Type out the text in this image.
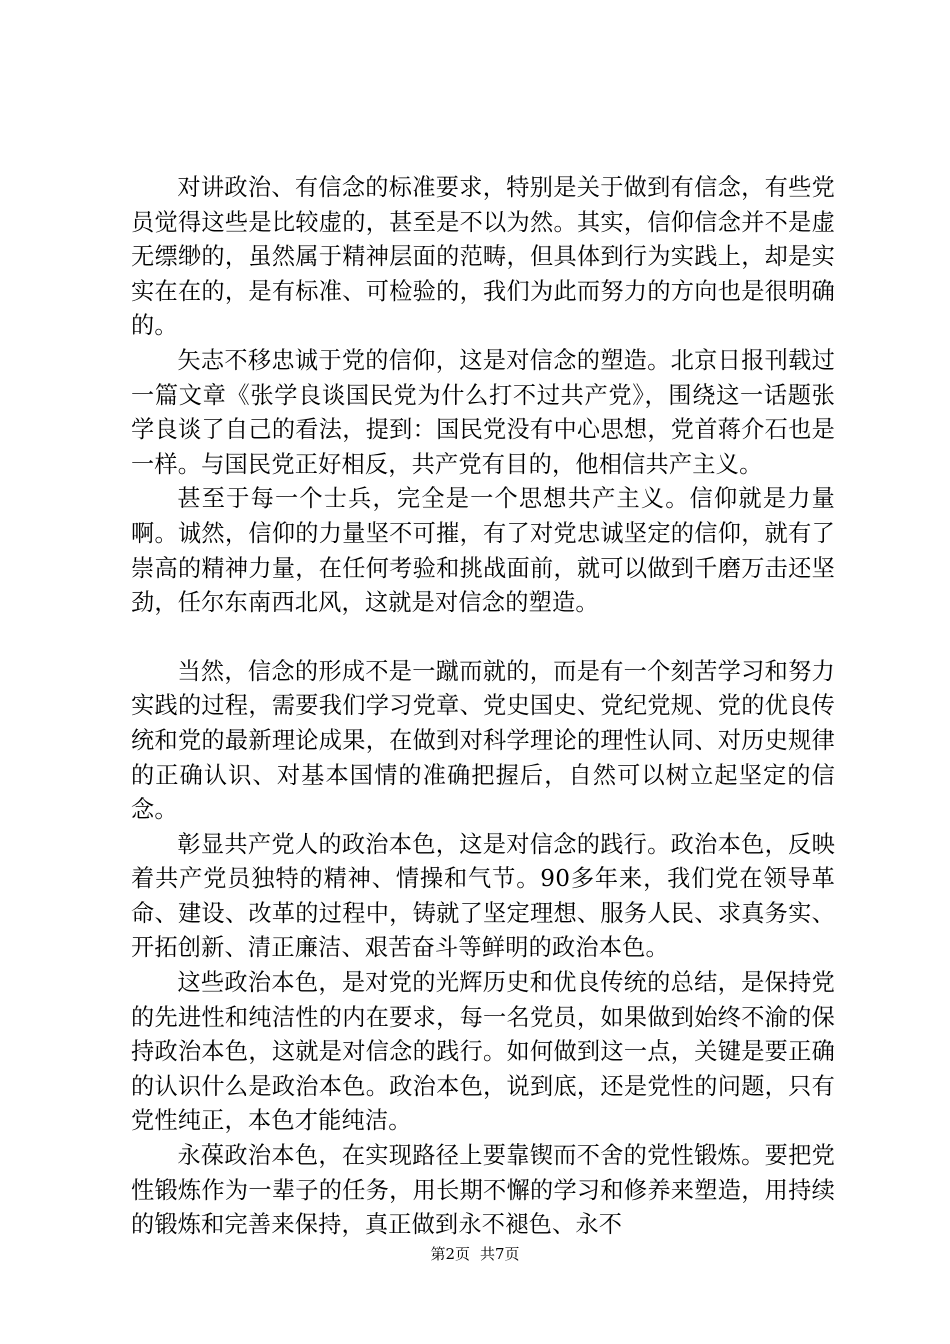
对讲政治、有信念的标准要求，特别是关于做到有信念，有些党员觉得这些是比较虚的，甚至是不以为然。其实，信仰信念并不是虚无缥缈的，虽然属于精神层面的范畴，但具体到行为实践上，却是实实在在的，是有标准、可检验的，我们为此而努力的方向也是很明确的。

矢志不移忠诚于党的信仰，这是对信念的塑造。北京日报刊载过一篇文章《张学良谈国民党为什么打不过共产党》，围绕这一话题张学良谈了自己的看法，提到：国民党没有中心思想，党首蒋介石也是一样。与国民党正好相反，共产党有目的，他相信共产主义。

甚至于每一个士兵，完全是一个思想共产主义。信仰就是力量啊。诚然，信仰的力量坚不可摧，有了对党忠诚坚定的信仰，就有了崇高的精神力量，在任何考验和挑战面前，就可以做到千磨万击还坚劲，任尔东南西北风，这就是对信念的塑造。

当然，信念的形成不是一蹴而就的，而是有一个刻苦学习和努力实践的过程，需要我们学习党章、党史国史、党纪党规、党的优良传统和党的最新理论成果，在做到对科学理论的理性认同、对历史规律的正确认识、对基本国情的准确把握后，自然可以树立起坚定的信念。

彰显共产党人的政治本色，这是对信念的践行。政治本色，反映着共产党员独特的精神、情操和气节。90多年来，我们党在领导革命、建设、改革的过程中，铸就了坚定理想、服务人民、求真务实、开拓创新、清正廉洁、艰苦奋斗等鲜明的政治本色。

这些政治本色，是对党的光辉历史和优良传统的总结，是保持党的先进性和纯洁性的内在要求，每一名党员，如果做到始终不渝的保持政治本色，这就是对信念的践行。如何做到这一点，关键是要正确的认识什么是政治本色。政治本色，说到底，还是党性的问题，只有党性纯正，本色才能纯洁。

永葆政治本色，在实现路径上要靠锲而不舍的党性锻炼。要把党性锻炼作为一辈子的任务，用长期不懈的学习和修养来塑造，用持续的锻炼和完善来保持，真正做到永不褪色、永不

第2页 共7页
